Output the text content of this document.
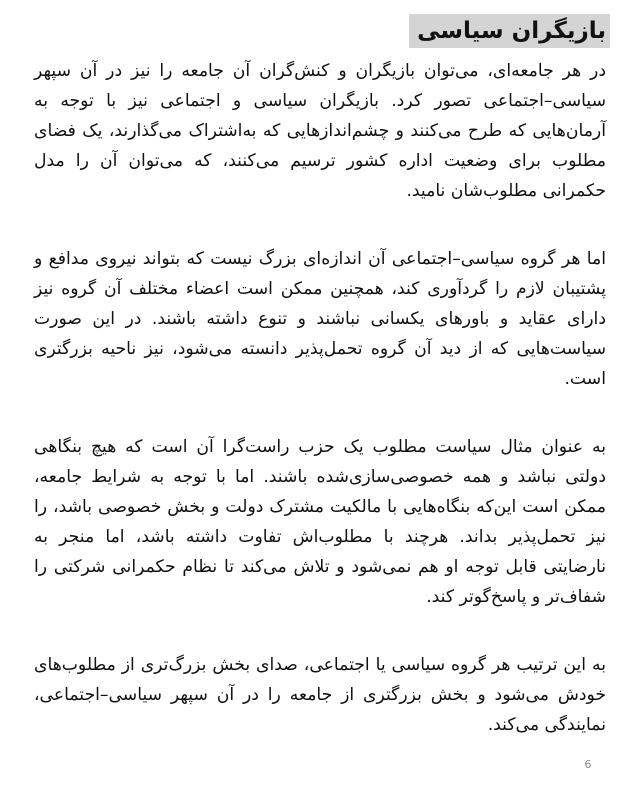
بازیگران سیاسی

در هر جامعه‌ای، می‌توان بازیگران و کنش‌گران آن جامعه را نیز در آن سپهر سیاسی–اجتماعی تصور کرد. بازیگران سیاسی و اجتماعی نیز با توجه به آرمان‌هایی که طرح می‌کنند و چشم‌اندازهایی که به‌اشتراک می‌گذارند، یک فضای مطلوب برای وضعیت اداره کشور ترسیم می‌کنند، که می‌توان آن را مدل حکمرانی مطلوب‌شان نامید.

اما هر گروه سیاسی–اجتماعی آن اندازه‌ای بزرگ نیست که بتواند نیروی مدافع و پشتیبان لازم را گردآوری کند، همچنین ممکن است اعضاء مختلف آن گروه نیز دارای عقاید و باورهای یکسانی نباشند و تنوع داشته باشند. در این صورت سیاست‌هایی که از دید آن گروه تحمل‌پذیر دانسته می‌شود، نیز ناحیه بزرگتری است.

به عنوان مثال سیاست مطلوب یک حزب راست‌گرا آن است که هیچ بنگاهی دولتی نباشد و همه خصوصی‌سازی‌شده باشند. اما با توجه به شرایط جامعه، ممکن است این‌که بنگاه‌هایی با مالکیت مشترک دولت و بخش خصوصی باشد، را نیز تحمل‌پذیر بداند. هرچند با مطلوب‌اش تفاوت داشته باشد، اما منجر به نارضایتی قابل توجه او هم نمی‌شود و تلاش می‌کند تا نظام حکمرانی شرکتی را شفاف‌تر و پاسخ‌گوتر کند.

به این ترتیب هر گروه سیاسی یا اجتماعی، صدای بخش بزرگ‌تری از مطلوب‌های خودش می‌شود و بخش بزرگتری از جامعه را در آن سپهر سیاسی–اجتماعی، نمایندگی می‌کند.

6
